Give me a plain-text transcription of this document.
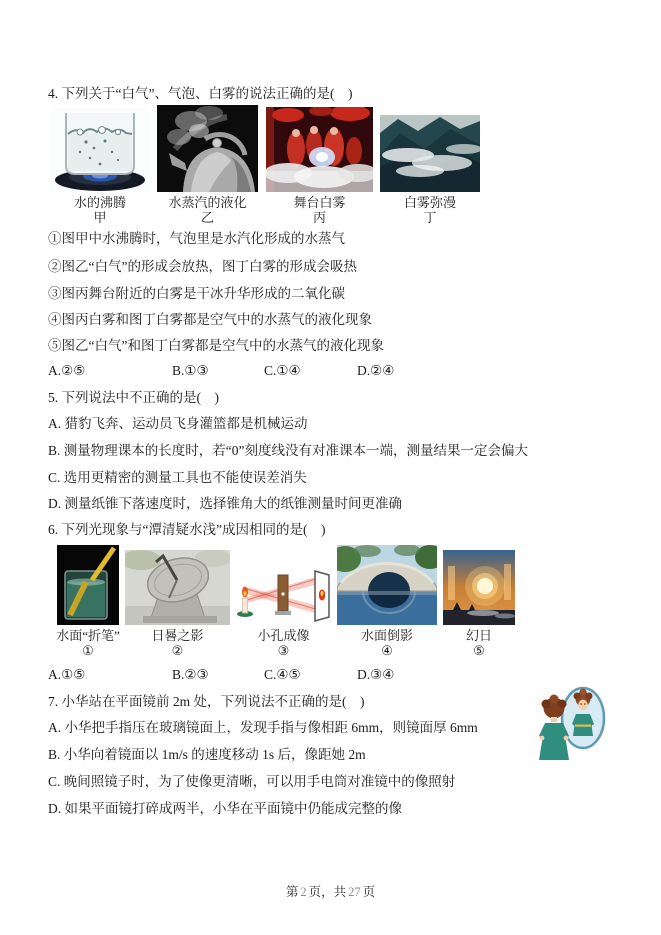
4. 下列关于“白气”、气泡、白雾的说法正确的是(　)
水的沸腾
甲
水蒸汽的液化
乙
舞台白雾
丙
白雾弥漫
丁
①图甲中水沸腾时，气泡里是水汽化形成的水蒸气
②图乙“白气”的形成会放热，图丁白雾的形成会吸热
③图丙舞台附近的白雾是干冰升华形成的二氧化碳
④图丙白雾和图丁白雾都是空气中的水蒸气的液化现象
⑤图乙“白气”和图丁白雾都是空气中的水蒸气的液化现象
A.②⑤	B.①③	C.①④	D.②④
5. 下列说法中不正确的是(　)
A. 猎豹飞奔、运动员飞身灌篮都是机械运动
B. 测量物理课本的长度时，若“0”刻度线没有对准课本一端，测量结果一定会偏大
C. 选用更精密的测量工具也不能使误差消失
D. 测量纸锥下落速度时，选择锥角大的纸锥测量时间更准确
6. 下列光现象与“潭清疑水浅”成因相同的是(　)
水面“折笔”
①
日晷之影
②
小孔成像
③
水面倒影
④
幻日
⑤
A.①⑤	B.②③	C.④⑤	D.③④
7. 小华站在平面镜前 2m 处，下列说法不正确的是(　)
A. 小华把手指压在玻璃镜面上，发现手指与像相距 6mm，则镜面厚 6mm
B. 小华向着镜面以 1m/s 的速度移动 1s 后，像距她 2m
C. 晚间照镜子时，为了使像更清晰，可以用手电筒对准镜中的像照射
D. 如果平面镜打碎成两半，小华在平面镜中仍能成完整的像
第 2 页，共 27 页
